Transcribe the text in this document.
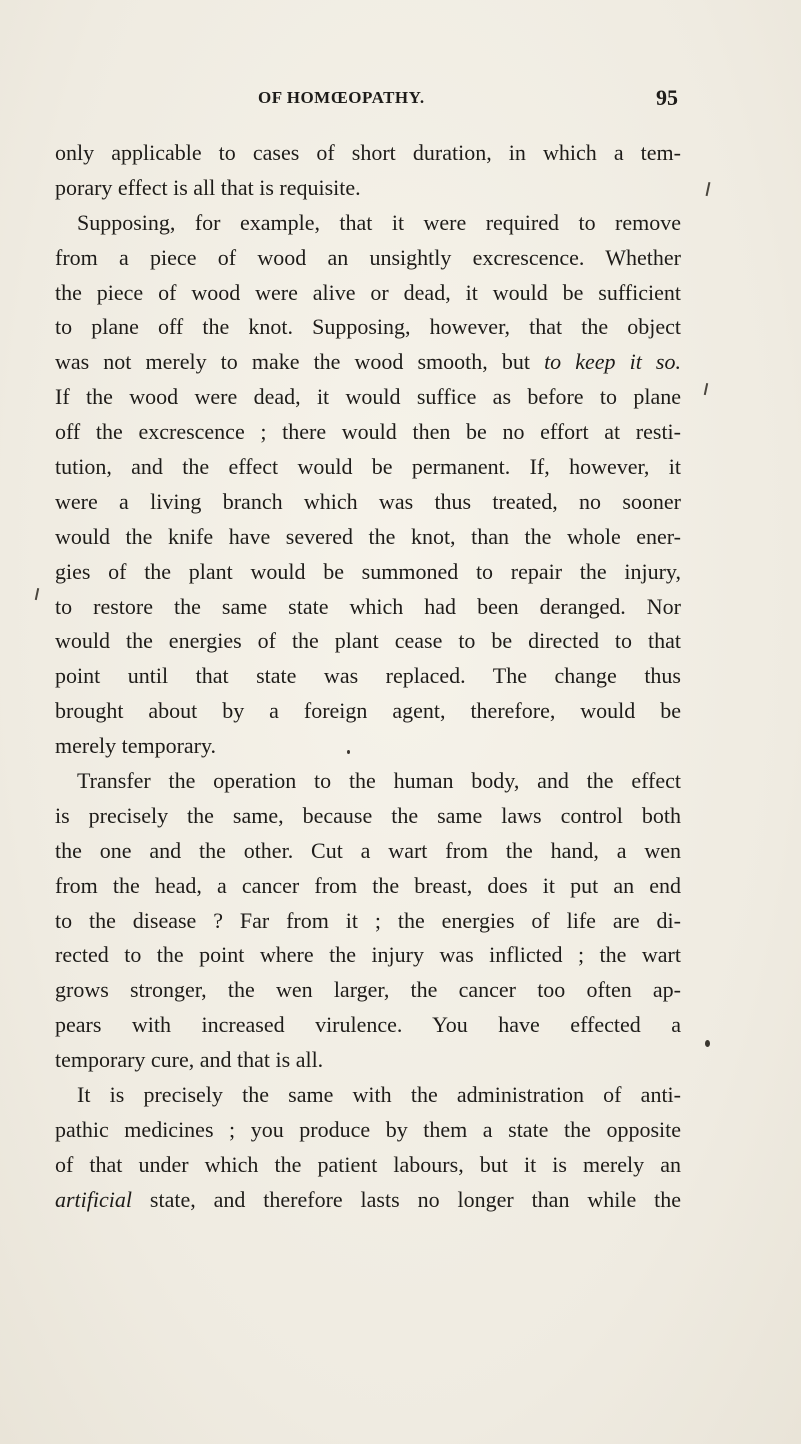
OF HOMŒOPATHY.	95
only applicable to cases of short duration, in which a tem-
porary effect is all that is requisite.
Supposing, for example, that it were required to remove
from a piece of wood an unsightly excrescence. Whether
the piece of wood were alive or dead, it would be sufficient
to plane off the knot. Supposing, however, that the object
was not merely to make the wood smooth, but to keep it so.
If the wood were dead, it would suffice as before to plane
off the excrescence ; there would then be no effort at resti-
tution, and the effect would be permanent. If, however, it
were a living branch which was thus treated, no sooner
would the knife have severed the knot, than the whole ener-
gies of the plant would be summoned to repair the injury,
to restore the same state which had been deranged. Nor
would the energies of the plant cease to be directed to that
point until that state was replaced. The change thus
brought about by a foreign agent, therefore, would be
merely temporary.
Transfer the operation to the human body, and the effect
is precisely the same, because the same laws control both
the one and the other. Cut a wart from the hand, a wen
from the head, a cancer from the breast, does it put an end
to the disease ? Far from it ; the energies of life are di-
rected to the point where the injury was inflicted ; the wart
grows stronger, the wen larger, the cancer too often ap-
pears with increased virulence. You have effected a
temporary cure, and that is all.
It is precisely the same with the administration of anti-
pathic medicines ; you produce by them a state the opposite
of that under which the patient labours, but it is merely an
artificial state, and therefore lasts no longer than while the
